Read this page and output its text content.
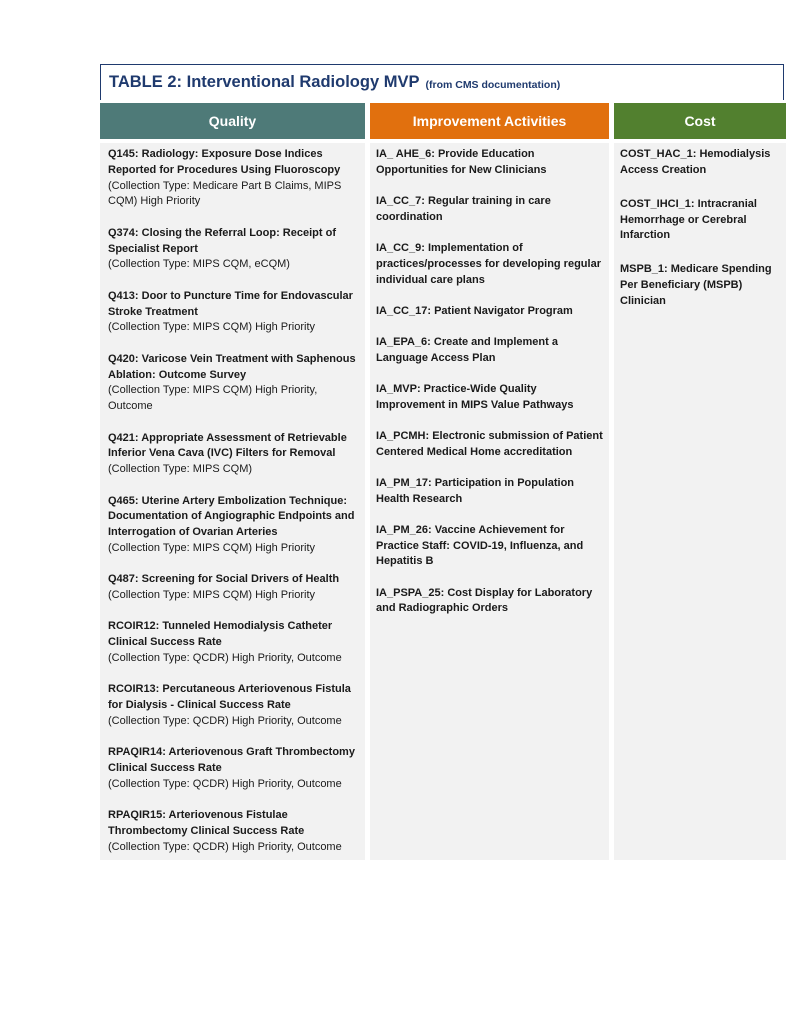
TABLE 2: Interventional Radiology MVP (from CMS documentation)
Quality	Improvement Activities	Cost
Q145: Radiology: Exposure Dose Indices Reported for Procedures Using Fluoroscopy
(Collection Type: Medicare Part B Claims, MIPS CQM) High Priority
Q374: Closing the Referral Loop: Receipt of Specialist Report
(Collection Type: MIPS CQM, eCQM)
Q413: Door to Puncture Time for Endovascular Stroke Treatment
(Collection Type: MIPS CQM) High Priority
Q420: Varicose Vein Treatment with Saphenous Ablation: Outcome Survey
(Collection Type: MIPS CQM) High Priority, Outcome
Q421: Appropriate Assessment of Retrievable Inferior Vena Cava (IVC) Filters for Removal
(Collection Type: MIPS CQM)
Q465: Uterine Artery Embolization Technique: Documentation of Angiographic Endpoints and Interrogation of Ovarian Arteries
(Collection Type: MIPS CQM) High Priority
Q487: Screening for Social Drivers of Health
(Collection Type: MIPS CQM) High Priority
RCOIR12: Tunneled Hemodialysis Catheter Clinical Success Rate
(Collection Type: QCDR) High Priority, Outcome
RCOIR13: Percutaneous Arteriovenous Fistula for Dialysis - Clinical Success Rate
(Collection Type: QCDR) High Priority, Outcome
RPAQIR14: Arteriovenous Graft Thrombectomy Clinical Success Rate
(Collection Type: QCDR) High Priority, Outcome
RPAQIR15: Arteriovenous Fistulae Thrombectomy Clinical Success Rate
(Collection Type: QCDR) High Priority, Outcome
IA_ AHE_6: Provide Education Opportunities for New Clinicians
IA_CC_7: Regular training in care coordination
IA_CC_9: Implementation of practices/processes for developing regular individual care plans
IA_CC_17: Patient Navigator Program
IA_EPA_6: Create and Implement a Language Access Plan
IA_MVP: Practice-Wide Quality Improvement in MIPS Value Pathways
IA_PCMH: Electronic submission of Patient Centered Medical Home accreditation
IA_PM_17: Participation in Population Health Research
IA_PM_26: Vaccine Achievement for Practice Staff: COVID-19, Influenza, and Hepatitis B
IA_PSPA_25: Cost Display for Laboratory and Radiographic Orders
COST_HAC_1: Hemodialysis Access Creation
COST_IHCI_1: Intracranial Hemorrhage or Cerebral Infarction
MSPB_1: Medicare Spending Per Beneficiary (MSPB) Clinician
